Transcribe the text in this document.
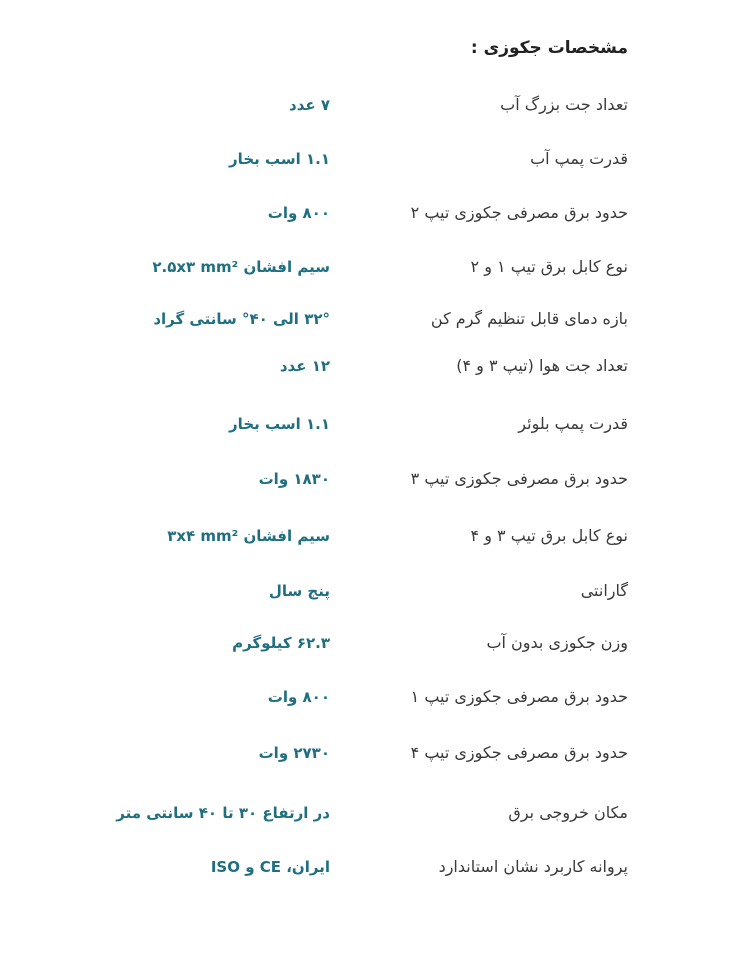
مشخصات جکوزی :
تعداد جت بزرگ آب
۷ عدد
قدرت پمپ آب
۱.۱ اسب بخار
حدود برق مصرفی جکوزی تیپ ۲
۸۰۰ وات
نوع کابل برق تیپ ۱ و ۲
سیم افشان ۲.۵x۳ mm²
بازه دمای قابل تنظیم گرم کن
۳۲° الی ۴۰° سانتی گراد
تعداد جت هوا (تیپ ۳ و ۴)
۱۲ عدد
قدرت پمپ بلوئر
۱.۱ اسب بخار
حدود برق مصرفی جکوزی تیپ ۳
۱۸۳۰ وات
نوع کابل برق تیپ ۳ و ۴
سیم افشان ۳x۴ mm²
گارانتی
پنج سال
وزن جکوزی بدون آب
۶۲.۳ کیلوگرم
حدود برق مصرفی جکوزی تیپ ۱
۸۰۰ وات
حدود برق مصرفی جکوزی تیپ ۴
۲۷۳۰ وات
مکان خروجی برق
در ارتفاع ۳۰ تا ۴۰ سانتی متر
پروانه کاربرد نشان استاندارد
ایران، CE و ISO
